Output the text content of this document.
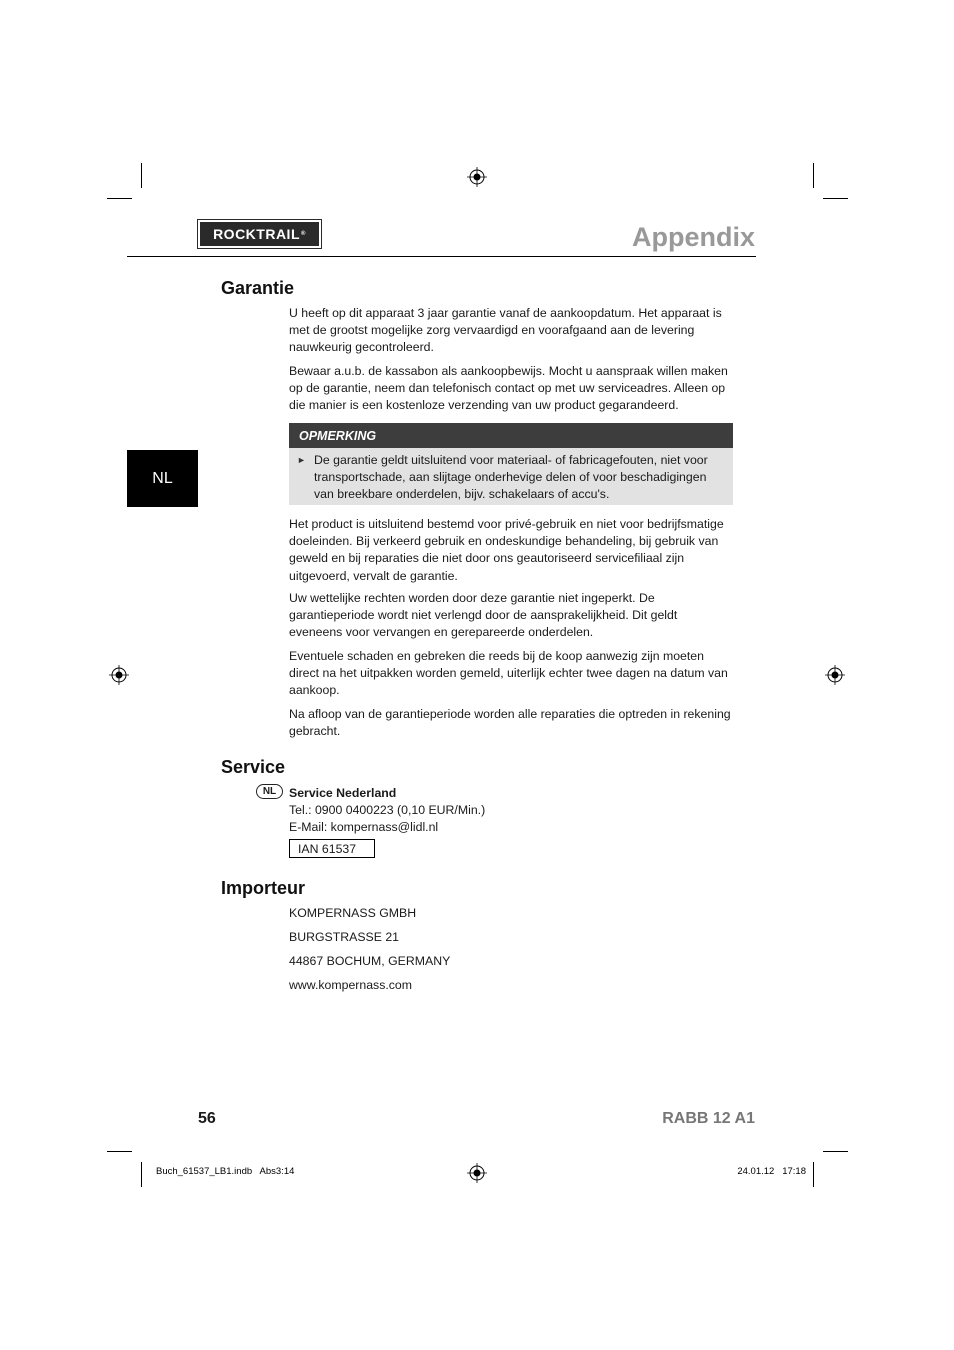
ROCKTRAIL ®	Appendix
NL
Garantie

U heeft op dit apparaat 3 jaar garantie vanaf de aankoopdatum. Het apparaat is met de grootst mogelijke zorg vervaardigd en voorafgaand aan de levering nauwkeurig gecontroleerd.

Bewaar a.u.b. de kassabon als aankoopbewijs. Mocht u aanspraak willen maken op de garantie, neem dan telefonisch contact op met uw serviceadres. Alleen op die manier is een kostenloze verzending van uw product gegarandeerd.

OPMERKING
► De garantie geldt uitsluitend voor materiaal- of fabricagefouten, niet voor transportschade, aan slijtage onderhevige delen of voor beschadigingen van breekbare onderdelen, bijv. schakelaars of accu's.

Het product is uitsluitend bestemd voor privé-gebruik en niet voor bedrijfsmatige doeleinden. Bij verkeerd gebruik en ondeskundige behandeling, bij gebruik van geweld en bij reparaties die niet door ons geautoriseerd servicefiliaal zijn uitgevoerd, vervalt de garantie.

Uw wettelijke rechten worden door deze garantie niet ingeperkt. De garantieperiode wordt niet verlengd door de aansprakelijkheid. Dit geldt eveneens voor vervangen en gerepareerde onderdelen.

Eventuele schaden en gebreken die reeds bij de koop aanwezig zijn moeten direct na het uitpakken worden gemeld, uiterlijk echter twee dagen na datum van aankoop.

Na afloop van de garantieperiode worden alle reparaties die optreden in rekening gebracht.

Service
NL	Service Nederland
Tel.: 0900 0400223 (0,10 EUR/Min.)
E-Mail: kompernass@lidl.nl
IAN 61537
Importeur
KOMPERNASS GMBH
BURGSTRASSE 21
44867 BOCHUM, GERMANY
www.kompernass.com
56	RABB 12 A1
Buch_61537_LB1.indb   Abs3:14	24.01.12   17:18
